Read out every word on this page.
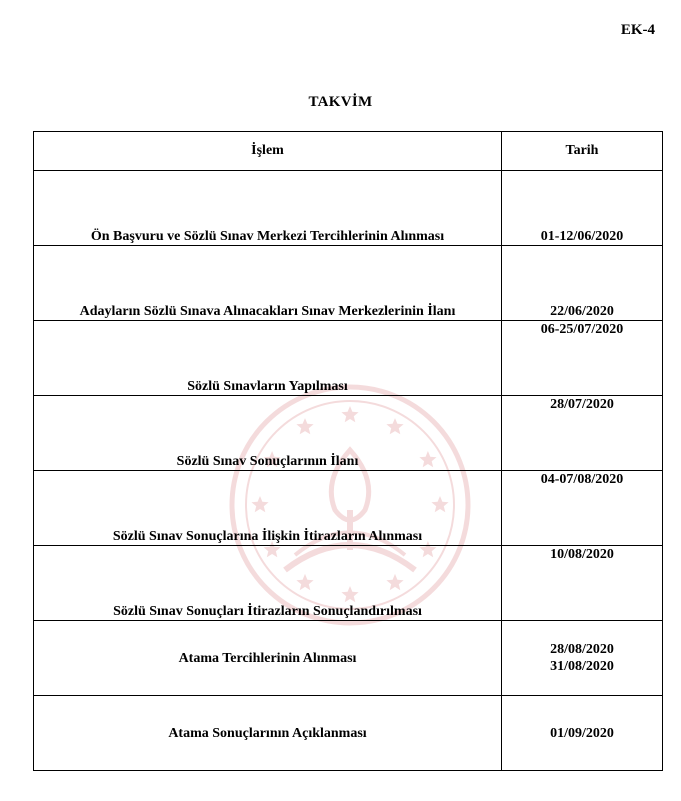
EK-4
TAKVİM
İşlem	Tarih
Ön Başvuru ve Sözlü Sınav Merkezi Tercihlerinin Alınması	01-12/06/2020

Adayların Sözlü Sınava Alınacakları Sınav Merkezlerinin İlanı	22/06/2020

Sözlü Sınavların Yapılması	06-25/07/2020

Sözlü Sınav Sonuçlarının İlanı	28/07/2020

Sözlü Sınav Sonuçlarına İlişkin İtirazların Alınması	04-07/08/2020

Sözlü Sınav Sonuçları İtirazların Sonuçlandırılması	10/08/2020

Atama Tercihlerinin Alınması	28/08/2020
31/08/2020

Atama Sonuçlarının Açıklanması	01/09/2020
